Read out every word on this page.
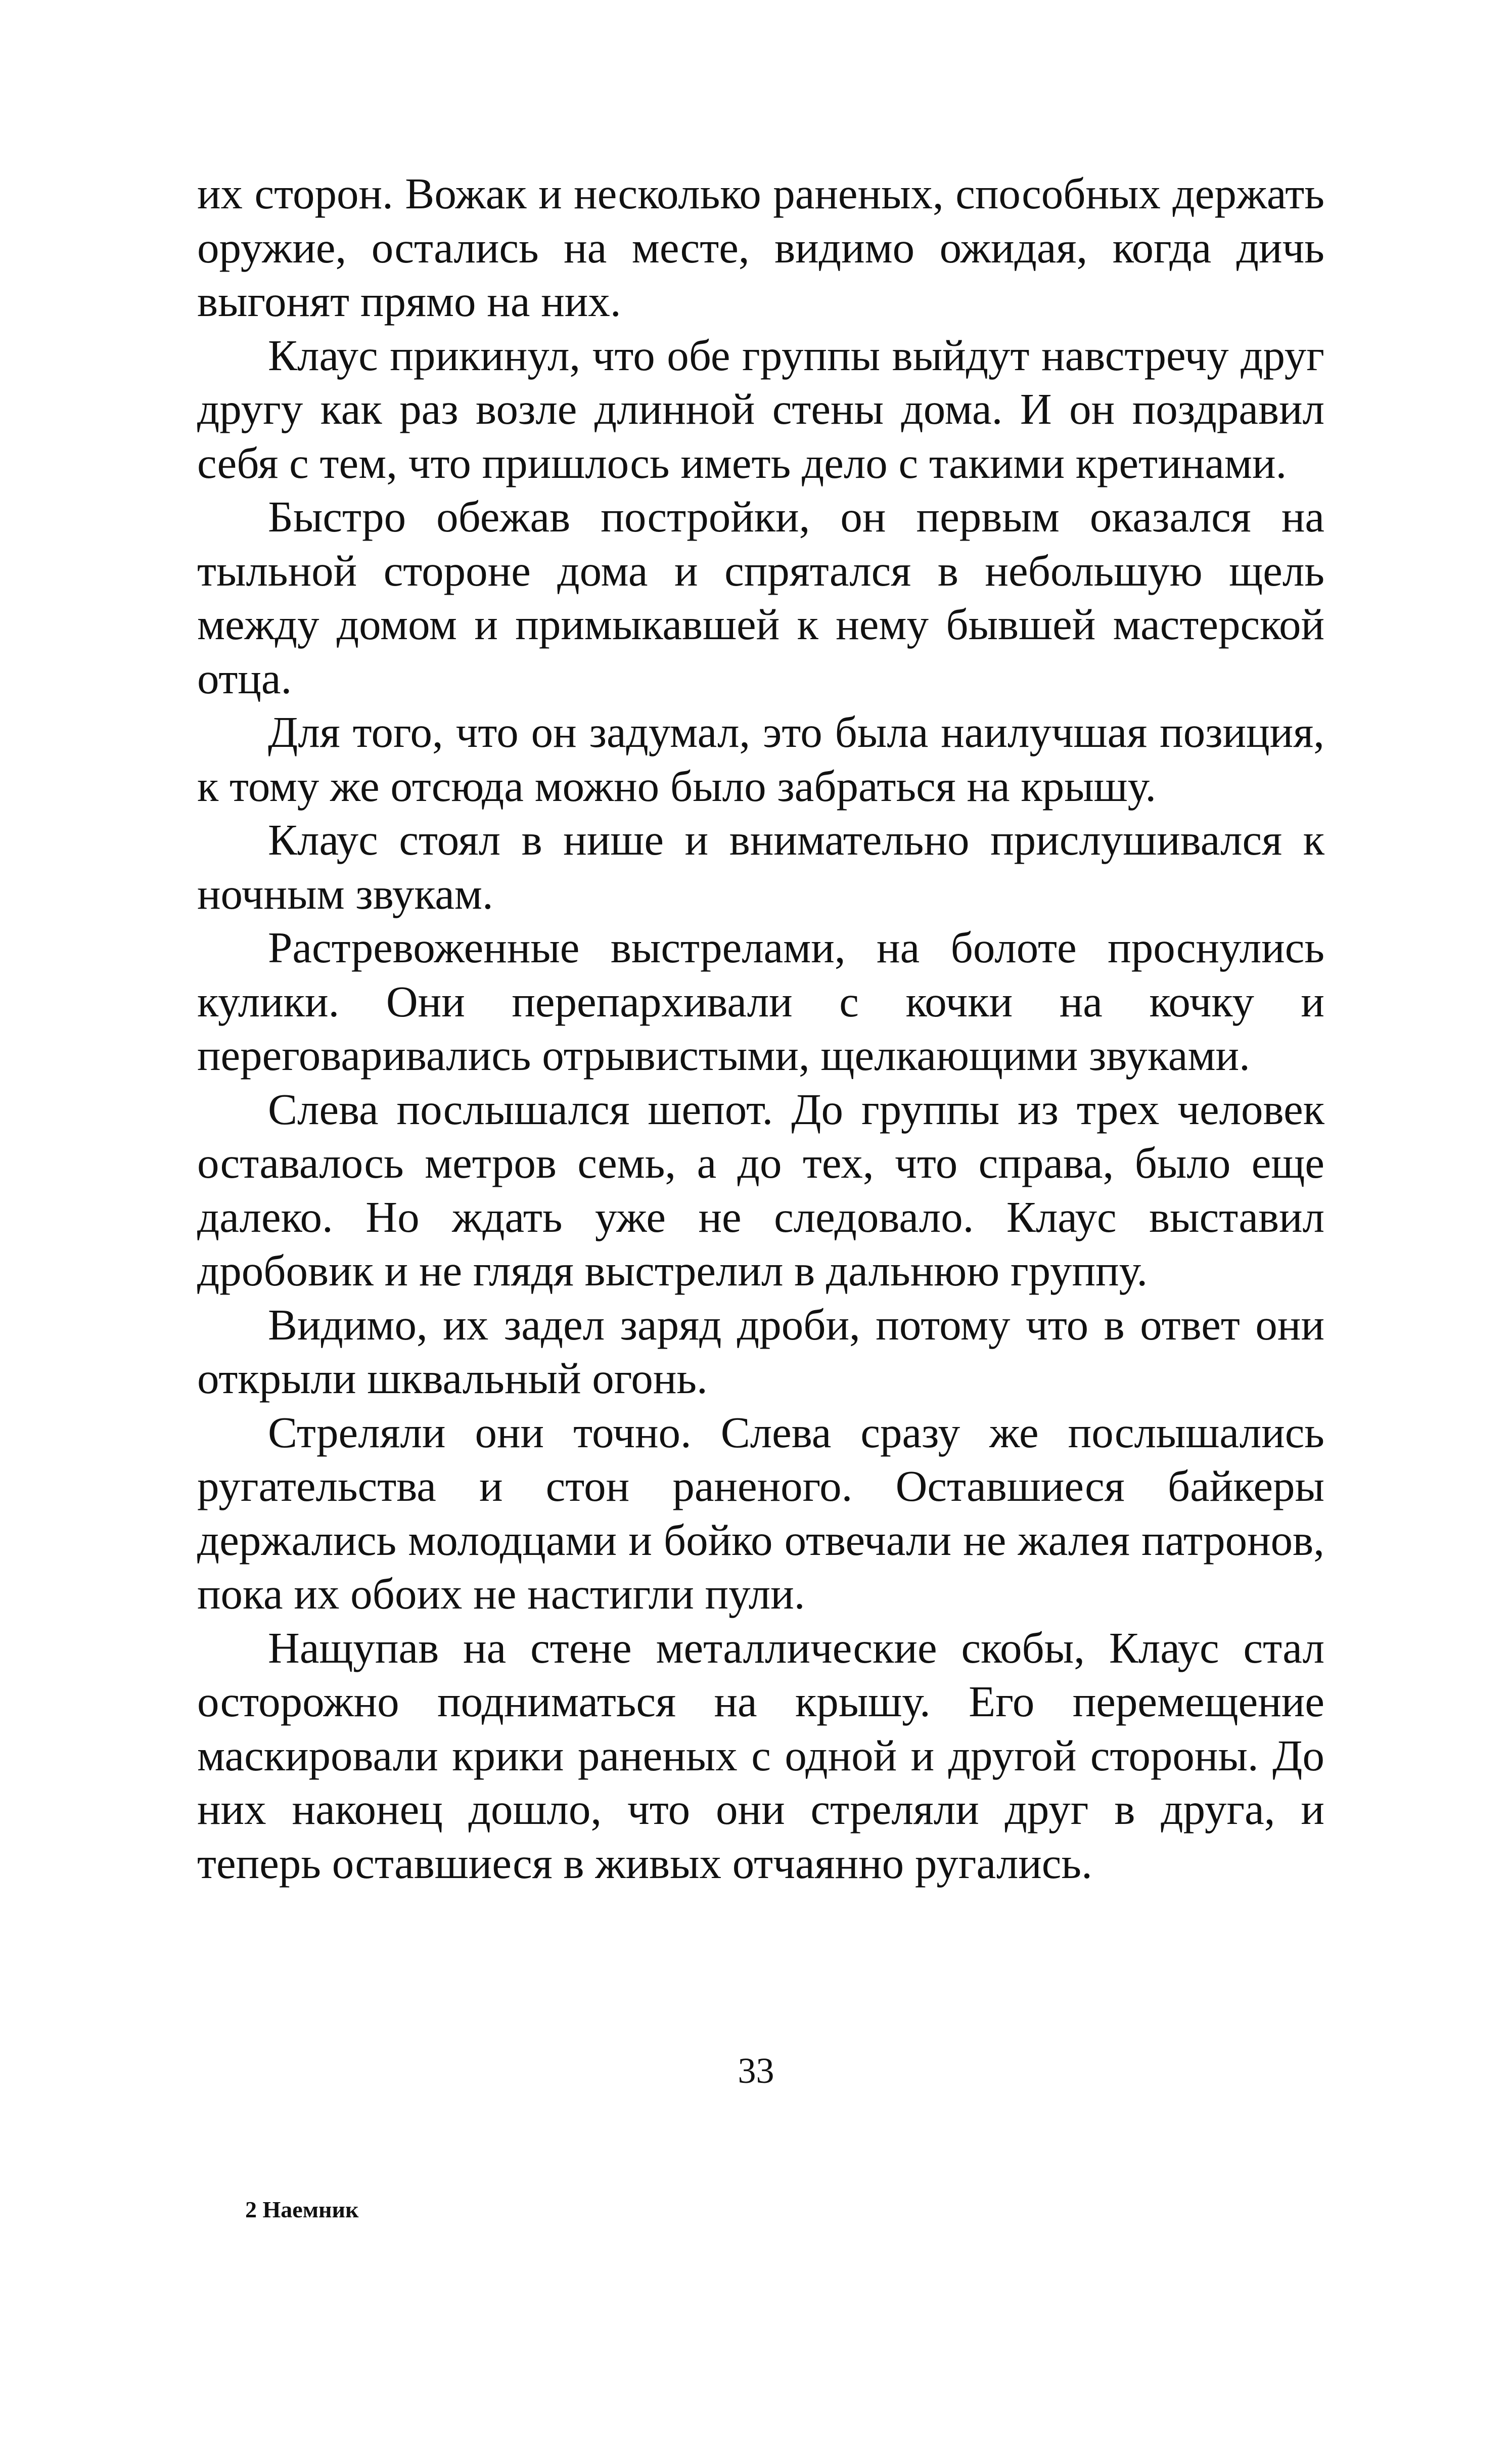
их сторон. Вожак и несколько раненых, способных держать оружие, остались на месте, видимо ожидая, когда дичь выгонят прямо на них.

Клаус прикинул, что обе группы выйдут навстречу друг другу как раз возле длинной стены дома. И он поздравил себя с тем, что пришлось иметь дело с такими кретинами.

Быстро обежав постройки, он первым оказался на тыльной стороне дома и спрятался в небольшую щель между домом и примыкавшей к нему бывшей мастерской отца.

Для того, что он задумал, это была наилучшая позиция, к тому же отсюда можно было забраться на крышу.

Клаус стоял в нише и внимательно прислушивался к ночным звукам.

Растревоженные выстрелами, на болоте проснулись кулики. Они перепархивали с кочки на кочку и переговаривались отрывистыми, щелкающими звуками.

Слева послышался шепот. До группы из трех человек оставалось метров семь, а до тех, что справа, было еще далеко. Но ждать уже не следовало. Клаус выставил дробовик и не глядя выстрелил в дальнюю группу.

Видимо, их задел заряд дроби, потому что в ответ они открыли шквальный огонь.

Стреляли они точно. Слева сразу же послышались ругательства и стон раненого. Оставшиеся байкеры держались молодцами и бойко отвечали не жалея патронов, пока их обоих не настигли пули.

Нащупав на стене металлические скобы, Клаус стал осторожно подниматься на крышу. Его перемещение маскировали крики раненых с одной и другой стороны. До них наконец дошло, что они стреляли друг в друга, и теперь оставшиеся в живых отчаянно ругались.

33
2 Наемник
